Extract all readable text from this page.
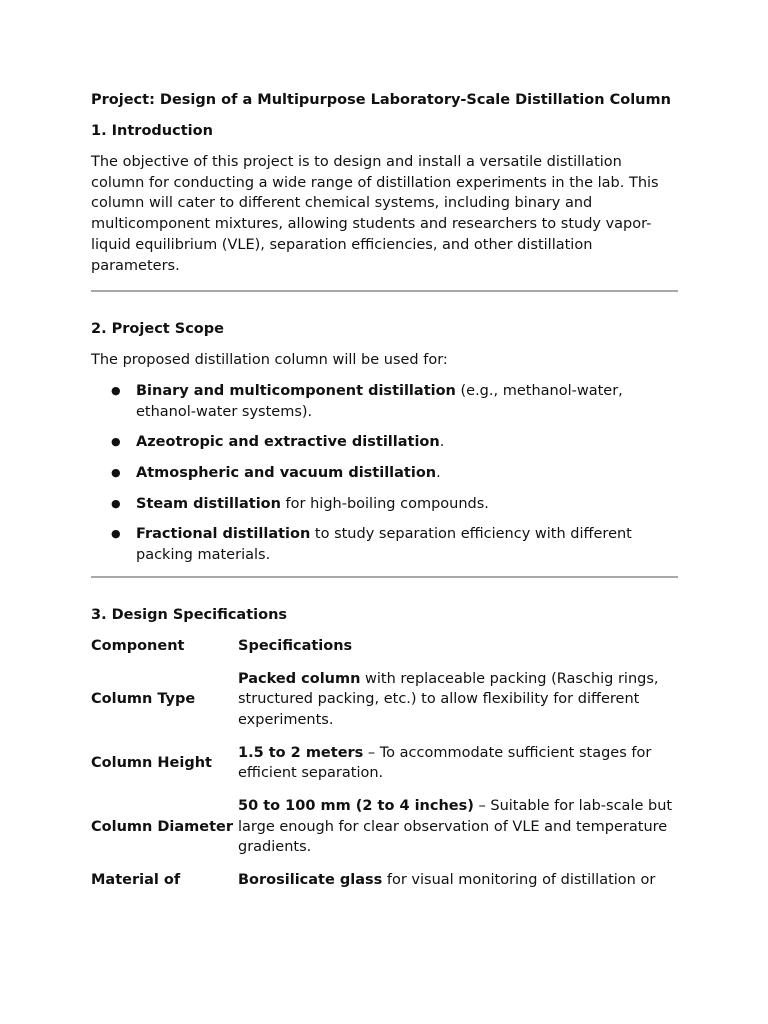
Project: Design of a Multipurpose Laboratory-Scale Distillation Column
1. Introduction

The objective of this project is to design and install a versatile distillation column for conducting a wide range of distillation experiments in the lab. This column will cater to different chemical systems, including binary and multicomponent mixtures, allowing students and researchers to study vapor-liquid equilibrium (VLE), separation efficiencies, and other distillation parameters.

2. Project Scope

The proposed distillation column will be used for:

● Binary and multicomponent distillation (e.g., methanol-water, ethanol-water systems).
● Azeotropic and extractive distillation.
● Atmospheric and vacuum distillation.
● Steam distillation for high-boiling compounds.
● Fractional distillation to study separation efficiency with different packing materials.
3. Design Specifications
Component	Specifications
Column Type	Packed column with replaceable packing (Raschig rings, structured packing, etc.) to allow flexibility for different experiments.
Column Height	1.5 to 2 meters – To accommodate sufficient stages for efficient separation.
Column Diameter	50 to 100 mm (2 to 4 inches) – Suitable for lab-scale but large enough for clear observation of VLE and temperature gradients.
Material of	Borosilicate glass for visual monitoring of distillation or
